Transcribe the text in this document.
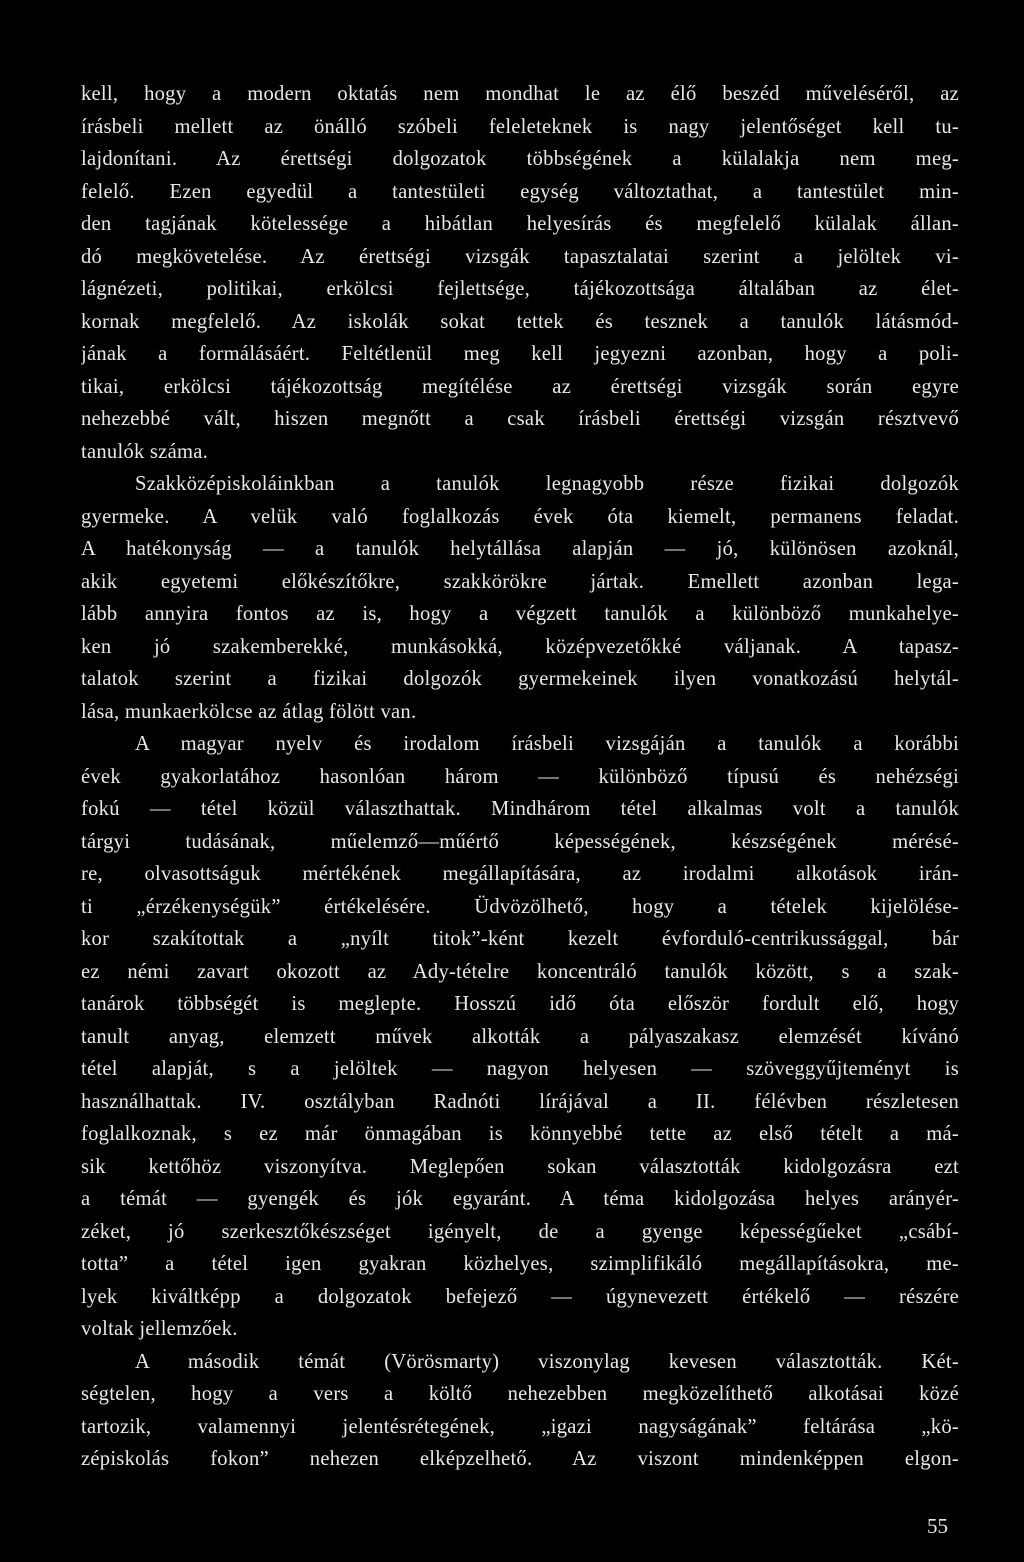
kell, hogy a modern oktatás nem mondhat le az élő beszéd műveléséről, az
írásbeli mellett az önálló szóbeli feleleteknek is nagy jelentőséget kell tu-
lajdonítani. Az érettségi dolgozatok többségének a külalakja nem meg-
felelő. Ezen egyedül a tantestületi egység változtathat, a tantestület min-
den tagjának kötelessége a hibátlan helyesírás és megfelelő külalak állan-
dó megkövetelése. Az érettségi vizsgák tapasztalatai szerint a jelöltek vi-
lágnézeti, politikai, erkölcsi fejlettsége, tájékozottsága általában az élet-
kornak megfelelő. Az iskolák sokat tettek és tesznek a tanulók látásmód-
jának a formálásáért. Feltétlenül meg kell jegyezni azonban, hogy a poli-
tikai, erkölcsi tájékozottság megítélése az érettségi vizsgák során egyre
nehezebbé vált, hiszen megnőtt a csak írásbeli érettségi vizsgán résztvevő
tanulók száma.
Szakközépiskoláinkban a tanulók legnagyobb része fizikai dolgozók
gyermeke. A velük való foglalkozás évek óta kiemelt, permanens feladat.
A hatékonyság — a tanulók helytállása alapján — jó, különösen azoknál,
akik egyetemi előkészítőkre, szakkörökre jártak. Emellett azonban lega-
lább annyira fontos az is, hogy a végzett tanulók a különböző munkahelye-
ken jó szakemberekké, munkásokká, középvezetőkké váljanak. A tapasz-
talatok szerint a fizikai dolgozók gyermekeinek ilyen vonatkozású helytál-
lása, munkaerkölcse az átlag fölött van.
A magyar nyelv és irodalom írásbeli vizsgáján a tanulók a korábbi
évek gyakorlatához hasonlóan három — különböző típusú és nehézségi
fokú — tétel közül választhattak. Mindhárom tétel alkalmas volt a tanulók
tárgyi tudásának, műelemző—műértő képességének, készségének mérésé-
re, olvasottságuk mértékének megállapítására, az irodalmi alkotások irán-
ti „érzékenységük” értékelésére. Üdvözölhető, hogy a tételek kijelölése-
kor szakítottak a „nyílt titok”-ként kezelt évforduló-centrikussággal, bár
ez némi zavart okozott az Ady-tételre koncentráló tanulók között, s a szak-
tanárok többségét is meglepte. Hosszú idő óta először fordult elő, hogy
tanult anyag, elemzett művek alkották a pályaszakasz elemzését kívánó
tétel alapját, s a jelöltek — nagyon helyesen — szöveggyűjteményt is
használhattak. IV. osztályban Radnóti lírájával a II. félévben részletesen
foglalkoznak, s ez már önmagában is könnyebbé tette az első tételt a má-
sik kettőhöz viszonyítva. Meglepően sokan választották kidolgozásra ezt
a témát — gyengék és jók egyaránt. A téma kidolgozása helyes arányér-
zéket, jó szerkesztőkészséget igényelt, de a gyenge képességűeket „csábí-
totta” a tétel igen gyakran közhelyes, szimplifikáló megállapításokra, me-
lyek kiváltképp a dolgozatok befejező — úgynevezett értékelő — részére
voltak jellemzőek.
A második témát (Vörösmarty) viszonylag kevesen választották. Két-
ségtelen, hogy a vers a költő nehezebben megközelíthető alkotásai közé
tartozik, valamennyi jelentésrétegének, „igazi nagyságának” feltárása „kö-
zépiskolás fokon” nehezen elképzelhető. Az viszont mindenképpen elgon-
55
